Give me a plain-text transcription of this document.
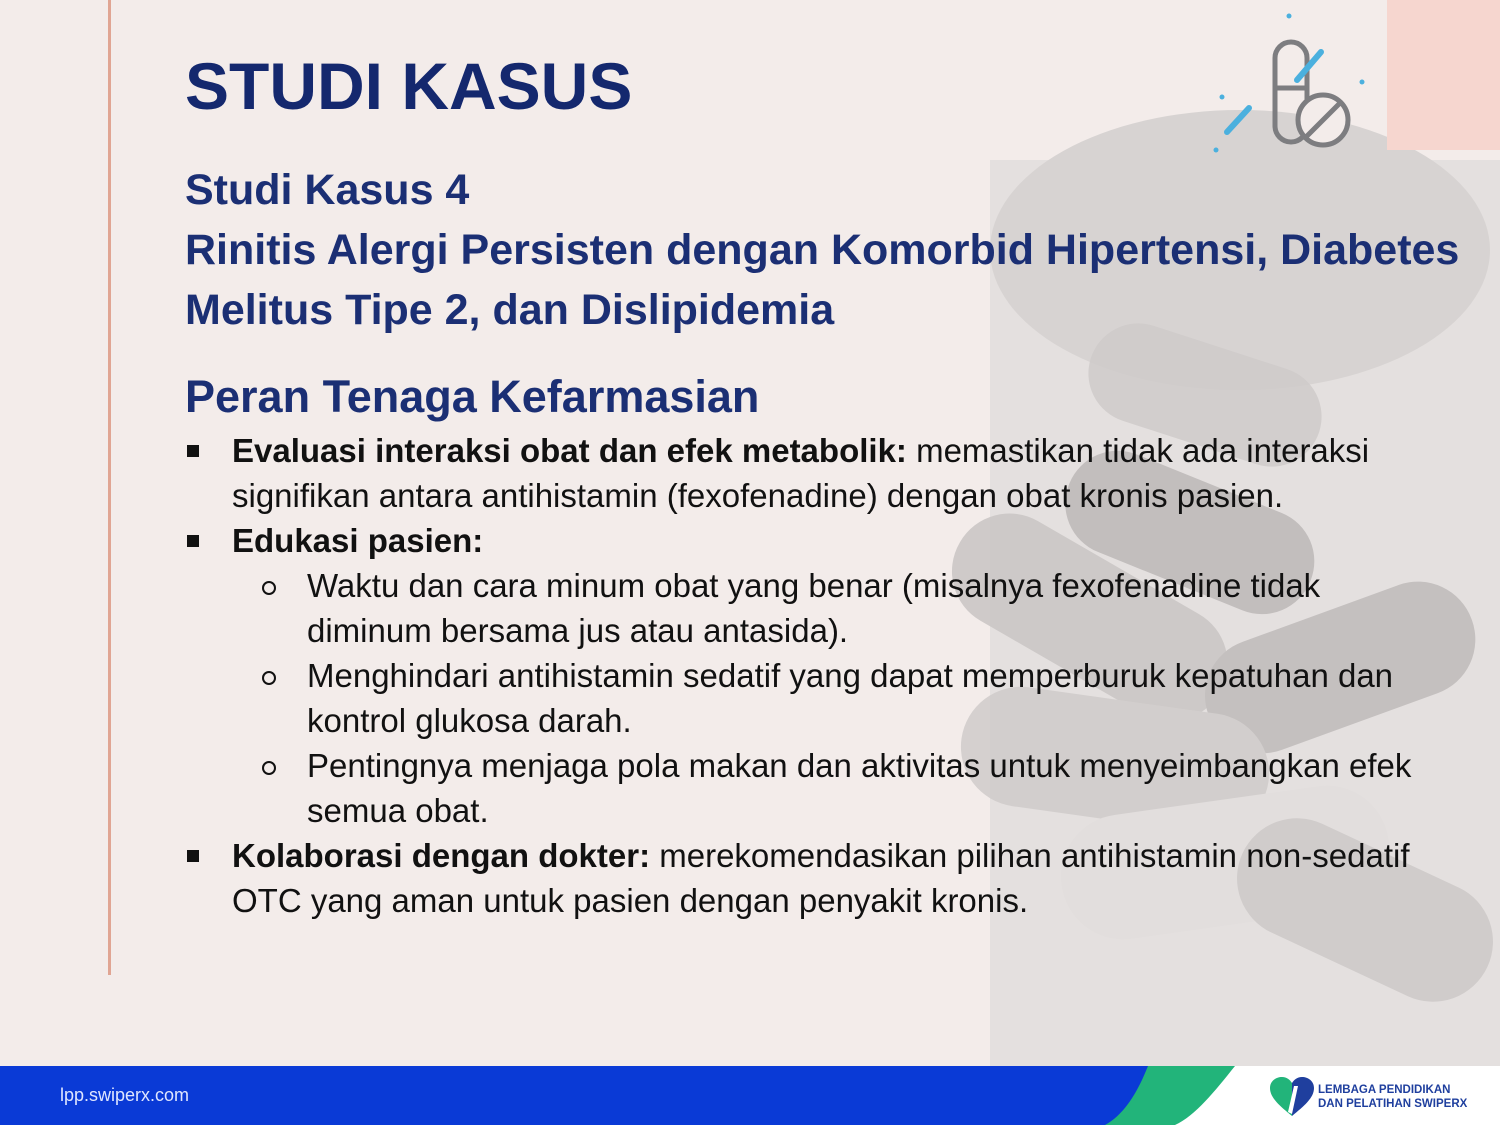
STUDI KASUS
Studi Kasus 4
Rinitis Alergi Persisten dengan Komorbid Hipertensi, Diabetes
Melitus Tipe 2, dan Dislipidemia
Peran Tenaga Kefarmasian
Evaluasi interaksi obat dan efek metabolik: memastikan tidak ada interaksi signifikan antara antihistamin (fexofenadine) dengan obat kronis pasien.
Edukasi pasien:
Waktu dan cara minum obat yang benar (misalnya fexofenadine tidak diminum bersama jus atau antasida).
Menghindari antihistamin sedatif yang dapat memperburuk kepatuhan dan kontrol glukosa darah.
Pentingnya menjaga pola makan dan aktivitas untuk menyeimbangkan efek semua obat.
Kolaborasi dengan dokter: merekomendasikan pilihan antihistamin non-sedatif OTC yang aman untuk pasien dengan penyakit kronis.
lpp.swiperx.com	LEMBAGA PENDIDIKAN
DAN PELATIHAN SWIPERX
